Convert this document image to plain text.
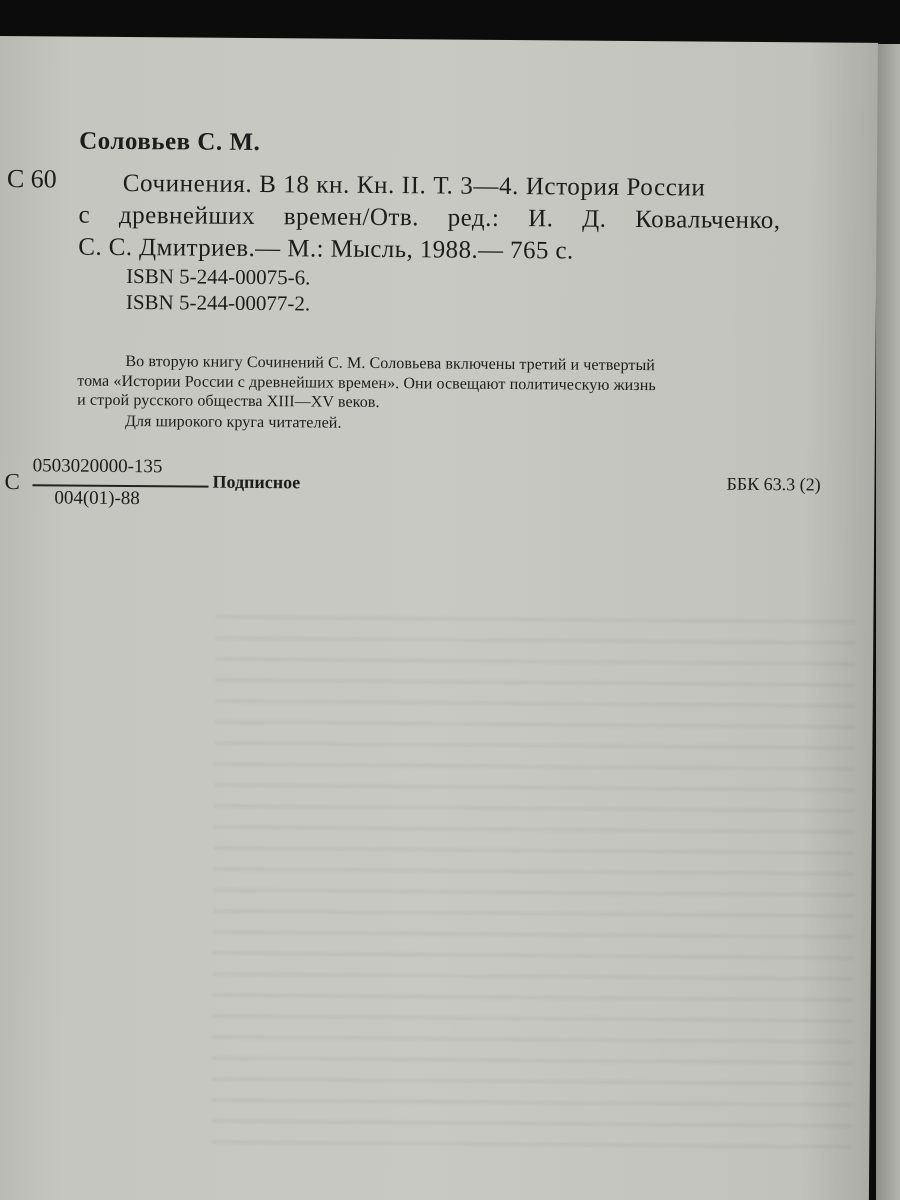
Соловьев С. М.
С 60	Сочинения. В 18 кн. Кн. II. Т. 3—4. История России
с древнейших времен/Отв. ред.: И. Д. Ковальченко,
С. С. Дмитриев.— М.: Мысль, 1988.— 765 с.
ISBN 5-244-00075-6.
ISBN 5-244-00077-2.
Во вторую книгу Сочинений С. М. Соловьева включены третий и четвертый
тома «Истории России с древнейших времен». Они освещают политическую жизнь
и строй русского общества XIII—XV веков.
Для широкого круга читателей.
С
0503020000-135
004(01)-88
Подписное	ББК 63.3 (2)
